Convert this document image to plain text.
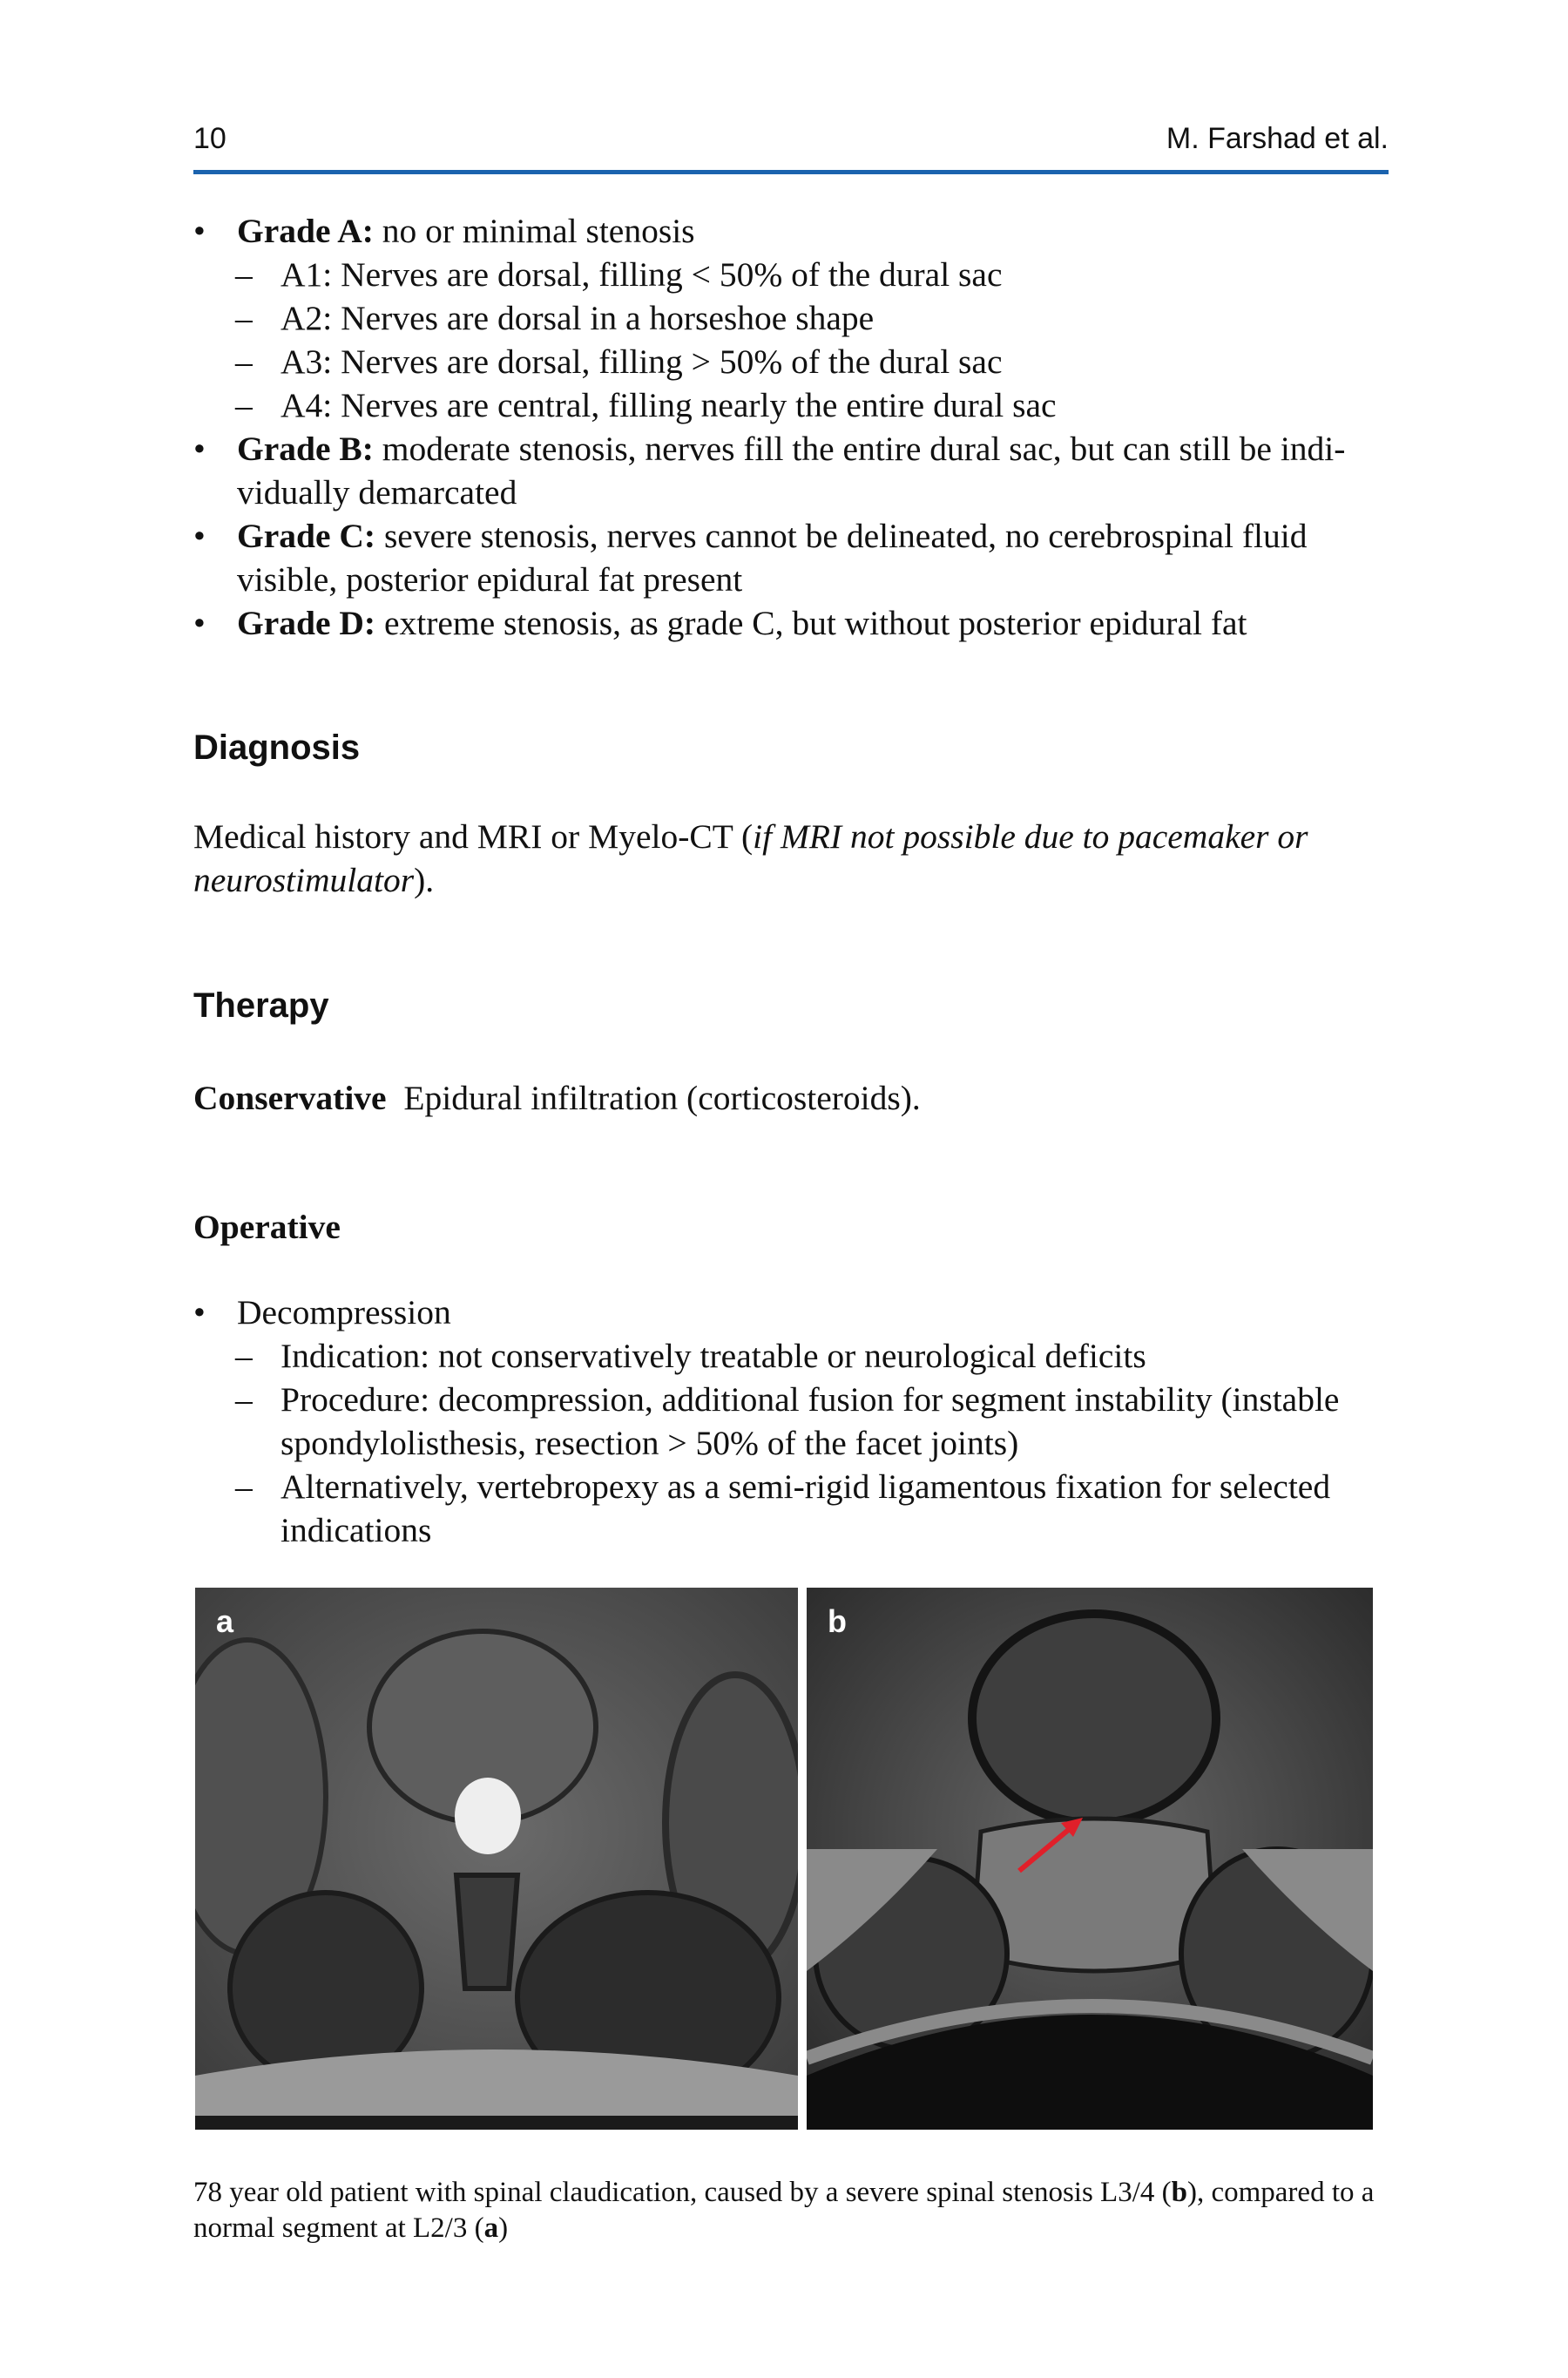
10	M. Farshad et al.
• Grade A: no or minimal stenosis
– A1: Nerves are dorsal, filling < 50% of the dural sac
– A2: Nerves are dorsal in a horseshoe shape
– A3: Nerves are dorsal, filling > 50% of the dural sac
– A4: Nerves are central, filling nearly the entire dural sac
• Grade B: moderate stenosis, nerves fill the entire dural sac, but can still be indi-vidually demarcated
• Grade C: severe stenosis, nerves cannot be delineated, no cerebrospinal fluid visible, posterior epidural fat present
• Grade D: extreme stenosis, as grade C, but without posterior epidural fat
Diagnosis

Medical history and MRI or Myelo-CT (if MRI not possible due to pacemaker or neurostimulator).

Therapy
Conservative Epidural infiltration (corticosteroids).
Operative
• Decompression
– Indication: not conservatively treatable or neurological deficits
– Procedure: decompression, additional fusion for segment instability (instable spondylolisthesis, resection > 50% of the facet joints)
– Alternatively, vertebropexy as a semi-rigid ligamentous fixation for selected indications
a	b
78 year old patient with spinal claudication, caused by a severe spinal stenosis L3/4 (b), compared to a normal segment at L2/3 (a)
